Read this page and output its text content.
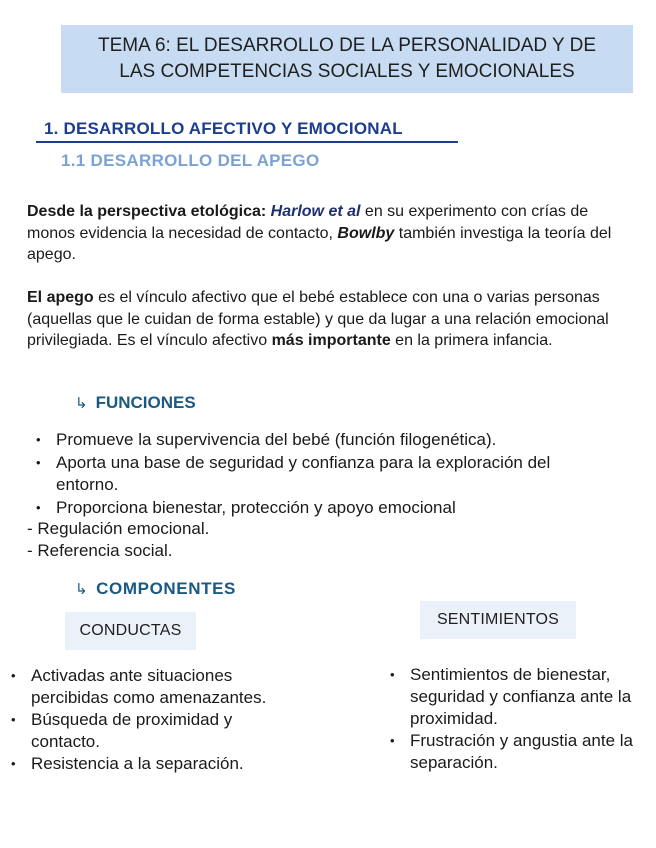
TEMA 6: EL DESARROLLO DE LA PERSONALIDAD Y DE
LAS COMPETENCIAS SOCIALES Y EMOCIONALES
1. DESARROLLO AFECTIVO Y EMOCIONAL
1.1 DESARROLLO DEL APEGO
Desde la perspectiva etológica: Harlow et al en su experimento con crías de monos evidencia la necesidad de contacto, Bowlby también investiga la teoría del apego.
El apego es el vínculo afectivo que el bebé establece con una o varias personas (aquellas que le cuidan de forma estable) y que da lugar a una relación emocional privilegiada. Es el vínculo afectivo más importante en la primera infancia.
↳ FUNCIONES
• Promueve la supervivencia del bebé (función filogenética).
• Aporta una base de seguridad y confianza para la exploración del entorno.
• Proporciona bienestar, protección y apoyo emocional
- Regulación emocional.
- Referencia social.
↳ COMPONENTES
CONDUCTAS
SENTIMIENTOS
• Activadas ante situaciones percibidas como amenazantes.
• Búsqueda de proximidad y contacto.
• Resistencia a la separación.
• Sentimientos de bienestar, seguridad y confianza ante la proximidad.
• Frustración y angustia ante la separación.
